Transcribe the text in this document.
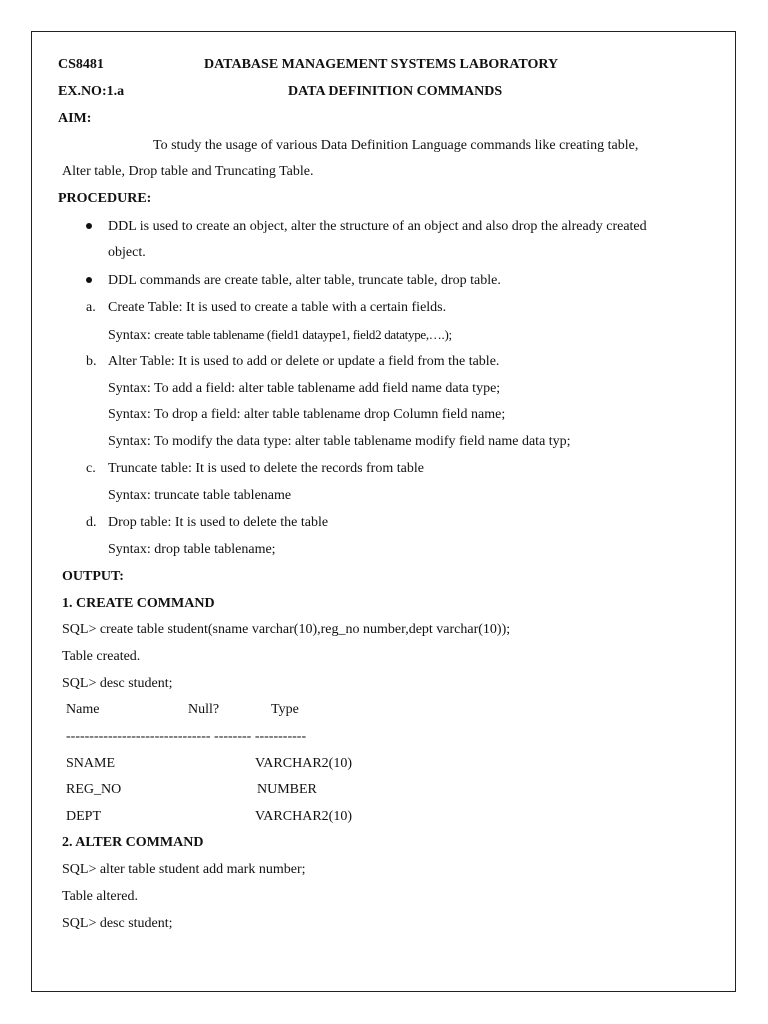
CS8481	DATABASE MANAGEMENT SYSTEMS LABORATORY
EX.NO:1.a	DATA DEFINITION COMMANDS
AIM:
To study the usage of various Data Definition Language commands like creating table,
Alter table, Drop table and Truncating Table.
PROCEDURE:
DDL is used to create an object, alter the structure of an object and also drop the already created
object.
DDL commands are create table, alter table, truncate table, drop table.
a. Create Table: It is used to create a table with a certain fields.
Syntax: create table tablename (field1 dataype1, field2 datatype,….);
b. Alter Table: It is used to add or delete or update a field from the table.
Syntax: To add a field: alter table tablename add field name data type;
Syntax: To drop a field: alter table tablename drop Column field name;
Syntax: To modify the data type: alter table tablename modify field name data typ;
c. Truncate table: It is used to delete the records from table
Syntax: truncate table tablename
d. Drop table: It is used to delete the table
Syntax: drop table tablename;
OUTPUT:
1. CREATE COMMAND
SQL> create table student(sname varchar(10),reg_no number,dept varchar(10));
Table created.
SQL> desc student;
Name	Null?	Type
------------------------------- -------- -----------
SNAME	VARCHAR2(10)
REG_NO	NUMBER
DEPT	VARCHAR2(10)
2. ALTER COMMAND
SQL> alter table student add mark number;
Table altered.
SQL> desc student;
